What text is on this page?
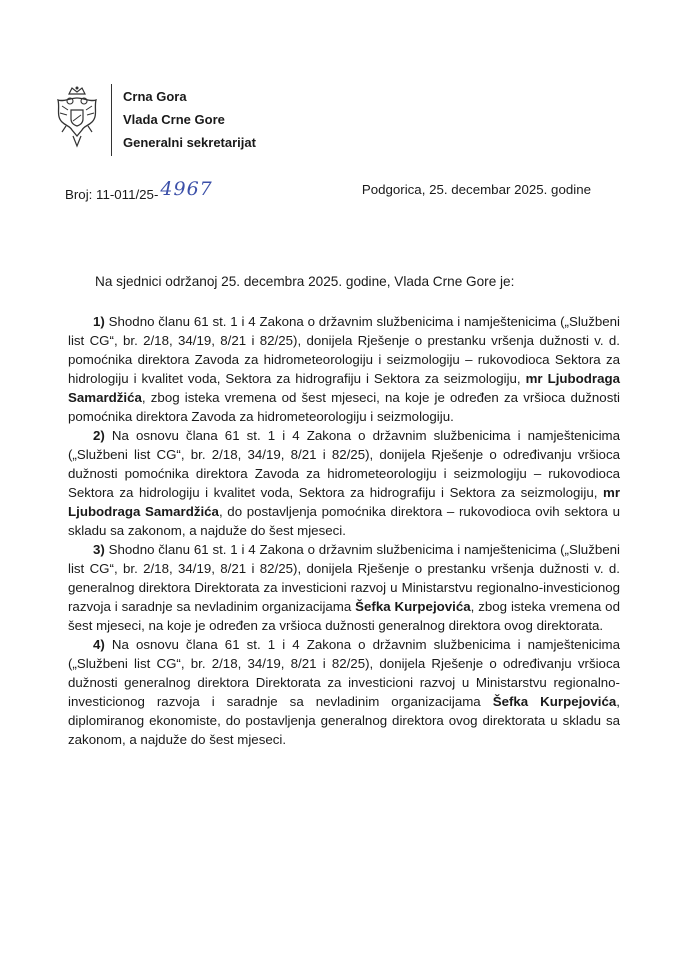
Crna Gora
Vlada Crne Gore
Generalni sekretarijat
Broj: 11-011/25- 4967	Podgorica, 25. decembar 2025. godine
Na sjednici održanoj 25. decembra 2025. godine, Vlada Crne Gore je:
1) Shodno članu 61 st. 1 i 4 Zakona o državnim službenicima i namještenicima („Službeni list CG“, br. 2/18, 34/19, 8/21 i 82/25), donijela Rješenje o prestanku vršenja dužnosti v. d. pomoćnika direktora Zavoda za hidrometeorologiju i seizmologiju – rukovodioca Sektora za hidrologiju i kvalitet voda, Sektora za hidrografiju i Sektora za seizmologiju, mr Ljubodraga Samardžića, zbog isteka vremena od šest mjeseci, na koje je određen za vršioca dužnosti pomoćnika direktora Zavoda za hidrometeorologiju i seizmologiju.
2) Na osnovu člana 61 st. 1 i 4 Zakona o državnim službenicima i namještenicima („Službeni list CG“, br. 2/18, 34/19, 8/21 i 82/25), donijela Rješenje o određivanju vršioca dužnosti pomoćnika direktora Zavoda za hidrometeorologiju i seizmologiju – rukovodioca Sektora za hidrologiju i kvalitet voda, Sektora za hidrografiju i Sektora za seizmologiju, mr Ljubodraga Samardžića, do postavljenja pomoćnika direktora – rukovodioca ovih sektora u skladu sa zakonom, a najduže do šest mjeseci.
3) Shodno članu 61 st. 1 i 4 Zakona o državnim službenicima i namještenicima („Službeni list CG“, br. 2/18, 34/19, 8/21 i 82/25), donijela Rješenje o prestanku vršenja dužnosti v. d. generalnog direktora Direktorata za investicioni razvoj u Ministarstvu regionalno-investicionog razvoja i saradnje sa nevladinim organizacijama Šefka Kurpejovića, zbog isteka vremena od šest mjeseci, na koje je određen za vršioca dužnosti generalnog direktora ovog direktorata.
4) Na osnovu člana 61 st. 1 i 4 Zakona o državnim službenicima i namještenicima („Službeni list CG“, br. 2/18, 34/19, 8/21 i 82/25), donijela Rješenje o određivanju vršioca dužnosti generalnog direktora Direktorata za investicioni razvoj u Ministarstvu regionalno-investicionog razvoja i saradnje sa nevladinim organizacijama Šefka Kurpejovića, diplomiranog ekonomiste, do postavljenja generalnog direktora ovog direktorata u skladu sa zakonom, a najduže do šest mjeseci.
